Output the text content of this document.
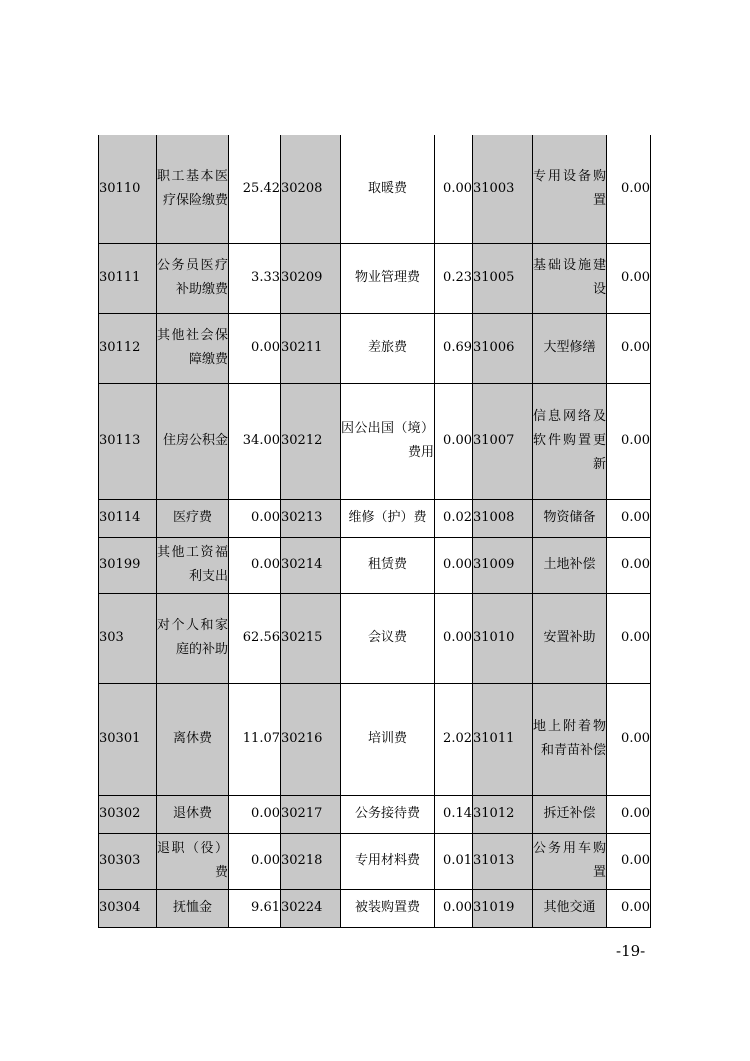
30110	职工基本医疗保险缴费	25.42	30208	取暖费	0.00	31003	专用设备购置	0.00
30111	公务员医疗补助缴费	3.33	30209	物业管理费	0.23	31005	基础设施建设	0.00
30112	其他社会保障缴费	0.00	30211	差旅费	0.69	31006	大型修缮	0.00
30113	住房公积金	34.00	30212	因公出国（境）费用	0.00	31007	信息网络及软件购置更新	0.00
30114	医疗费	0.00	30213	维修（护）费	0.02	31008	物资储备	0.00
30199	其他工资福利支出	0.00	30214	租赁费	0.00	31009	土地补偿	0.00
303	对个人和家庭的补助	62.56	30215	会议费	0.00	31010	安置补助	0.00
30301	离休费	11.07	30216	培训费	2.02	31011	地上附着物和青苗补偿	0.00
30302	退休费	0.00	30217	公务接待费	0.14	31012	拆迁补偿	0.00
30303	退职（役）费	0.00	30218	专用材料费	0.01	31013	公务用车购置	0.00
30304	抚恤金	9.61	30224	被装购置费	0.00	31019	其他交通	0.00
-19-
